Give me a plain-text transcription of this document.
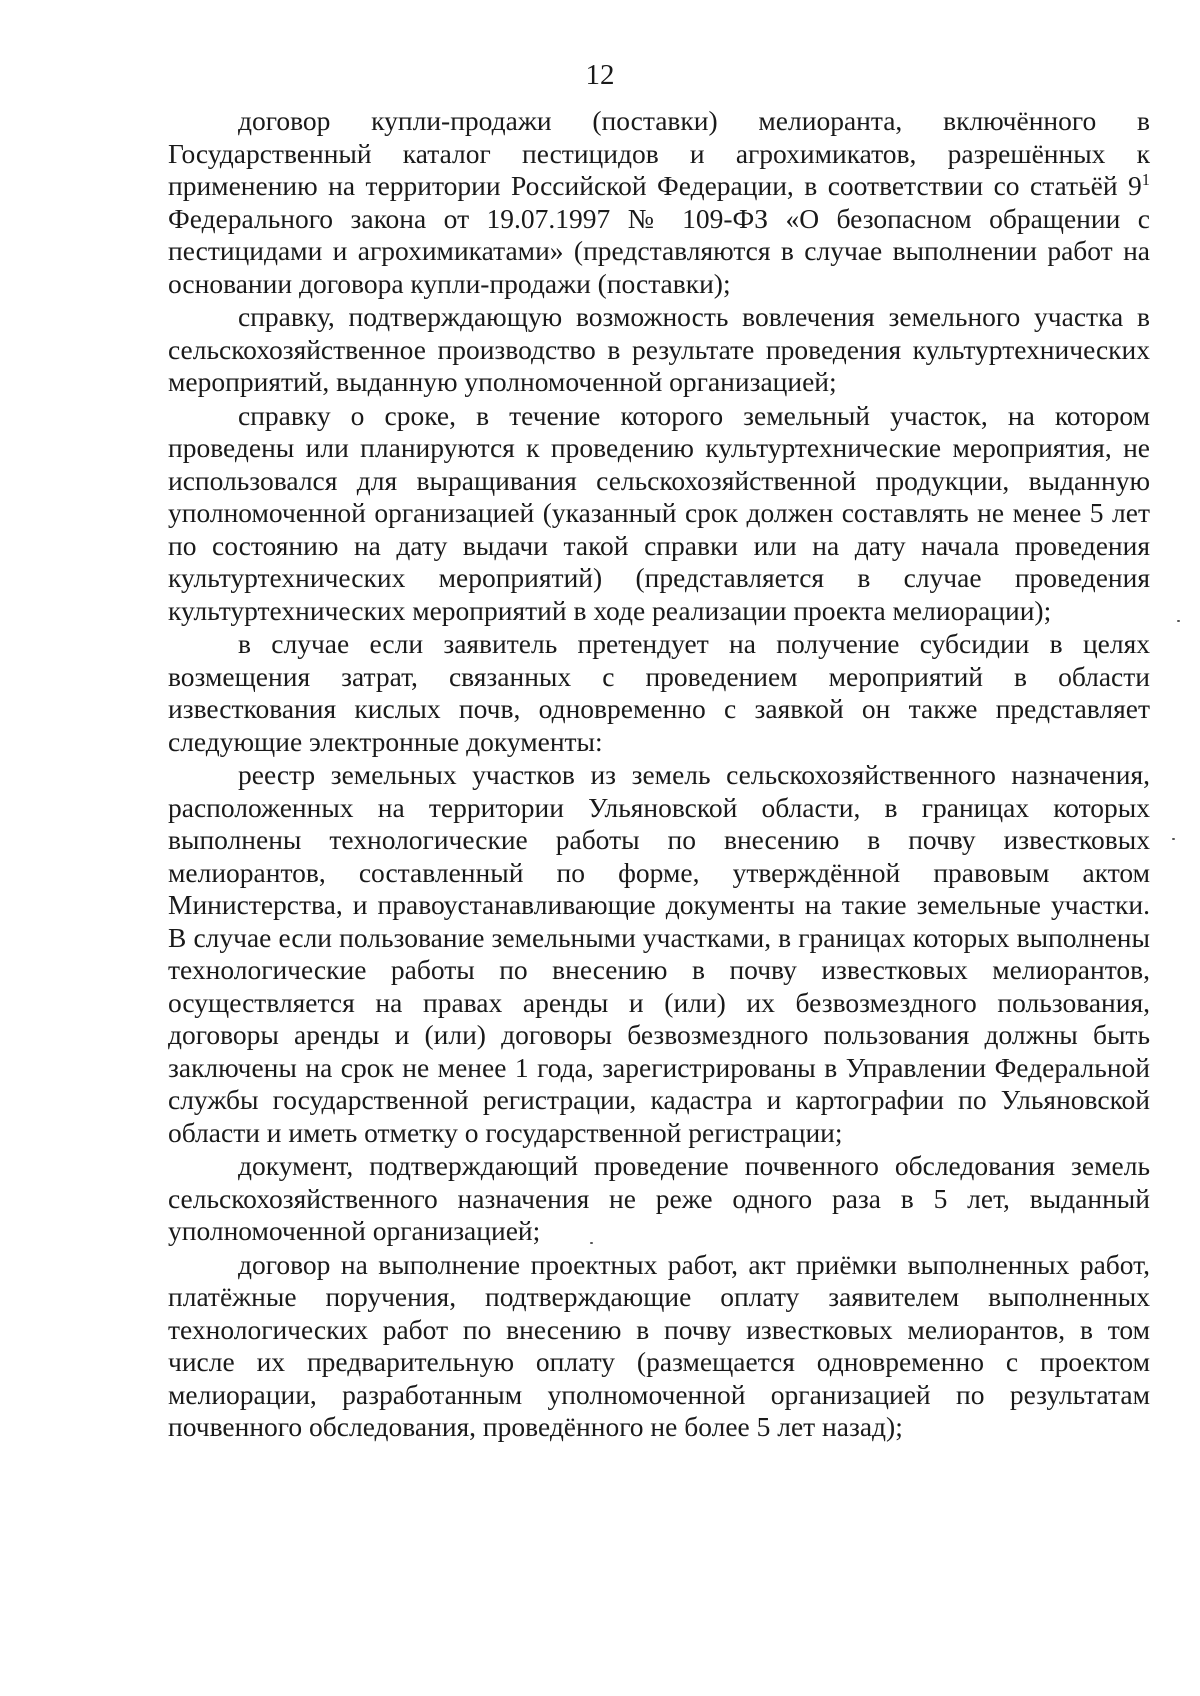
12

договор купли-продажи (поставки) мелиоранта, включённого в Государственный каталог пестицидов и агрохимикатов, разрешённых к применению на территории Российской Федерации, в соответствии со статьёй $9^1$ Федерального закона от 19.07.1997 № 109-ФЗ «О безопасном обращении с пестицидами и агрохимикатами» (представляются в случае выполнении работ на основании договора купли-продажи (поставки);

справку, подтверждающую возможность вовлечения земельного участка в сельскохозяйственное производство в результате проведения культуртехнических мероприятий, выданную уполномоченной организацией;

справку о сроке, в течение которого земельный участок, на котором проведены или планируются к проведению культуртехнические мероприятия, не использовался для выращивания сельскохозяйственной продукции, выданную уполномоченной организацией (указанный срок должен составлять не менее 5 лет по состоянию на дату выдачи такой справки или на дату начала проведения культуртехнических мероприятий) (представляется в случае проведения культуртехнических мероприятий в ходе реализации проекта мелиорации);

в случае если заявитель претендует на получение субсидии в целях возмещения затрат, связанных с проведением мероприятий в области известкования кислых почв, одновременно с заявкой он также представляет следующие электронные документы:

реестр земельных участков из земель сельскохозяйственного назначения, расположенных на территории Ульяновской области, в границах которых выполнены технологические работы по внесению в почву известковых мелиорантов, составленный по форме, утверждённой правовым актом Министерства, и правоустанавливающие документы на такие земельные участки. В случае если пользование земельными участками, в границах которых выполнены технологические работы по внесению в почву известковых мелиорантов, осуществляется на правах аренды и (или) их безвозмездного пользования, договоры аренды и (или) договоры безвозмездного пользования должны быть заключены на срок не менее 1 года, зарегистрированы в Управлении Федеральной службы государственной регистрации, кадастра и картографии по Ульяновской области и иметь отметку о государственной регистрации;

документ, подтверждающий проведение почвенного обследования земель сельскохозяйственного назначения не реже одного раза в 5 лет, выданный уполномоченной организацией;

договор на выполнение проектных работ, акт приёмки выполненных работ, платёжные поручения, подтверждающие оплату заявителем выполненных технологических работ по внесению в почву известковых мелиорантов, в том числе их предварительную оплату (размещается одновременно с проектом мелиорации, разработанным уполномоченной организацией по результатам почвенного обследования, проведённого не более 5 лет назад);
